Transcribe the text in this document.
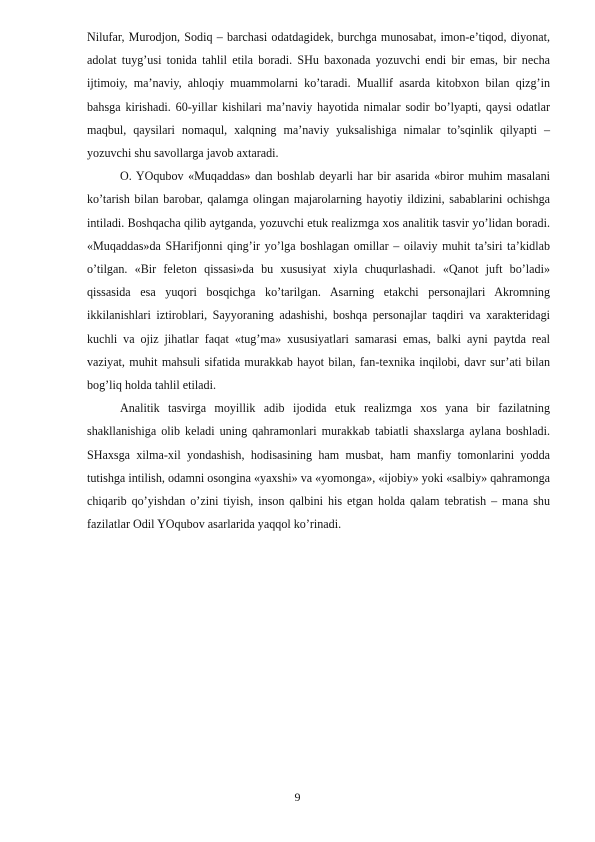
Nilufar, Murodjon, Sodiq – barchasi odatdagidek, burchga munosabat, imon-e’tiqod, diyonat, adolat tuyg’usi tonida tahlil etila boradi. SHu baxonada yozuvchi endi bir emas, bir necha ijtimoiy, ma’naviy, ahloqiy muammolarni ko’taradi. Muallif asarda kitobxon bilan qizg’in bahsga kirishadi. 60-yillar kishilari ma’naviy hayotida nimalar sodir bo’lyapti, qaysi odatlar maqbul, qaysilari nomaqul, xalqning ma’naviy yuksalishiga nimalar to’sqinlik qilyapti – yozuvchi shu savollarga javob axtaradi.

O. YOqubov «Muqaddas» dan boshlab deyarli har bir asarida «biror muhim masalani ko’tarish bilan barobar, qalamga olingan majarolarning hayotiy ildizini, sabablarini ochishga intiladi. Boshqacha qilib aytganda, yozuvchi etuk realizmga xos analitik tasvir yo’lidan boradi. «Muqaddas»da SHarifjonni qing’ir yo’lga boshlagan omillar – oilaviy muhit ta’siri ta’kidlab o’tilgan. «Bir feleton qissasi»da bu xususiyat xiyla chuqurlashadi. «Qanot juft bo’ladi» qissasida esa yuqori bosqichga ko’tarilgan. Asarning etakchi personajlari Akromning ikkilanishlari iztiroblari, Sayyoraning adashishi, boshqa personajlar taqdiri va xarakteridagi kuchli va ojiz jihatlar faqat «tug’ma» xususiyatlari samarasi emas, balki ayni paytda real vaziyat, muhit mahsuli sifatida murakkab hayot bilan, fan-texnika inqilobi, davr sur’ati bilan bog’liq holda tahlil etiladi.

Analitik tasvirga moyillik adib ijodida etuk realizmga xos yana bir fazilatning shakllanishiga olib keladi uning qahramonlari murakkab tabiatli shaxslarga aylana boshladi. SHaxsga xilma-xil yondashish, hodisasining ham musbat, ham manfiy tomonlarini yodda tutishga intilish, odamni osongina «yaxshi» va «yomonga», «ijobiy» yoki «salbiy» qahramonga chiqarib qo’yishdan o’zini tiyish, inson qalbini his etgan holda qalam tebratish – mana shu fazilatlar Odil YOqubov asarlarida yaqqol ko’rinadi.

9
